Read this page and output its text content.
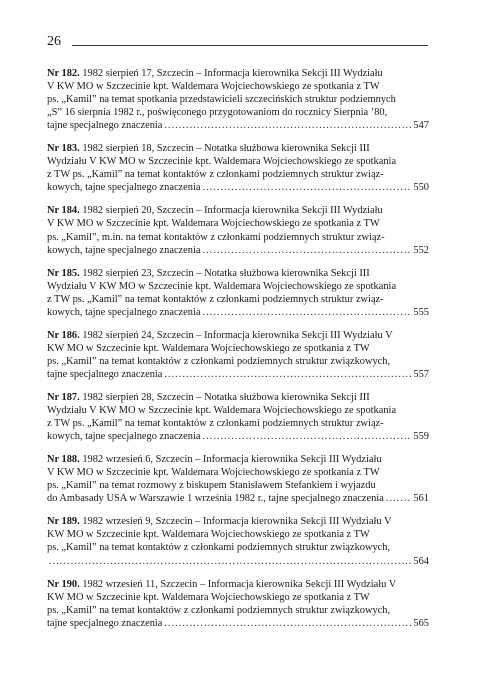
26
Nr 182. 1982 sierpień 17, Szczecin – Informacja kierownika Sekcji III Wydziału
V KW MO w Szczecinie kpt. Waldemara Wojciechowskiego ze spotkania z TW
ps. „Kamil” na temat spotkania przedstawicieli szczecińskich struktur podziemnych
„S” 16 sierpnia 1982 r., poświęconego przygotowaniom do rocznicy Sierpnia ’80,
tajne specjalnego znaczenia .....	547
Nr 183. 1982 sierpień 18, Szczecin – Notatka służbowa kierownika Sekcji III
Wydziału V KW MO w Szczecinie kpt. Waldemara Wojciechowskiego ze spotkania
z TW ps. „Kamil” na temat kontaktów z członkami podziemnych struktur związ-
kowych, tajne specjalnego znaczenia .....	550
Nr 184. 1982 sierpień 20, Szczecin – Informacja kierownika Sekcji III Wydziału
V KW MO w Szczecinie kpt. Waldemara Wojciechowskiego ze spotkania z TW
ps. „Kamil”, m.in. na temat kontaktów z członkami podziemnych struktur związ-
kowych, tajne specjalnego znaczenia .....	552
Nr 185. 1982 sierpień 23, Szczecin – Notatka służbowa kierownika Sekcji III
Wydziału V KW MO w Szczecinie kpt. Waldemara Wojciechowskiego ze spotkania
z TW ps. „Kamil” na temat kontaktów z członkami podziemnych struktur związ-
kowych, tajne specjalnego znaczenia .....	555
Nr 186. 1982 sierpień 24, Szczecin – Informacja kierownika Sekcji III Wydziału V
KW MO w Szczecinie kpt. Waldemara Wojciechowskiego ze spotkania z TW
ps. „Kamil” na temat kontaktów z członkami podziemnych struktur związkowych,
tajne specjalnego znaczenia .....	557
Nr 187. 1982 sierpień 28, Szczecin – Notatka służbowa kierownika Sekcji III
Wydziału V KW MO w Szczecinie kpt. Waldemara Wojciechowskiego ze spotkania
z TW ps. „Kamil” na temat kontaktów z członkami podziemnych struktur związ-
kowych, tajne specjalnego znaczenia .....	559
Nr 188. 1982 wrzesień 6, Szczecin – Informacja kierownika Sekcji III Wydziału
V KW MO w Szczecinie kpt. Waldemara Wojciechowskiego ze spotkania z TW
ps. „Kamil” na temat rozmowy z biskupem Stanisławem Stefankiem i wyjazdu
do Ambasady USA w Warszawie 1 września 1982 r., tajne specjalnego znaczenia .....	561
Nr 189. 1982 wrzesień 9, Szczecin – Informacja kierownika Sekcji III Wydziału V
KW MO w Szczecinie kpt. Waldemara Wojciechowskiego ze spotkania z TW
ps. „Kamil” na temat kontaktów z członkami podziemnych struktur związkowych,
.....
564
Nr 190. 1982 wrzesień 11, Szczecin – Informacja kierownika Sekcji III Wydziału V
KW MO w Szczecinie kpt. Waldemara Wojciechowskiego ze spotkania z TW
ps. „Kamil” na temat kontaktów z członkami podziemnych struktur związkowych,
tajne specjalnego znaczenia .....	565
